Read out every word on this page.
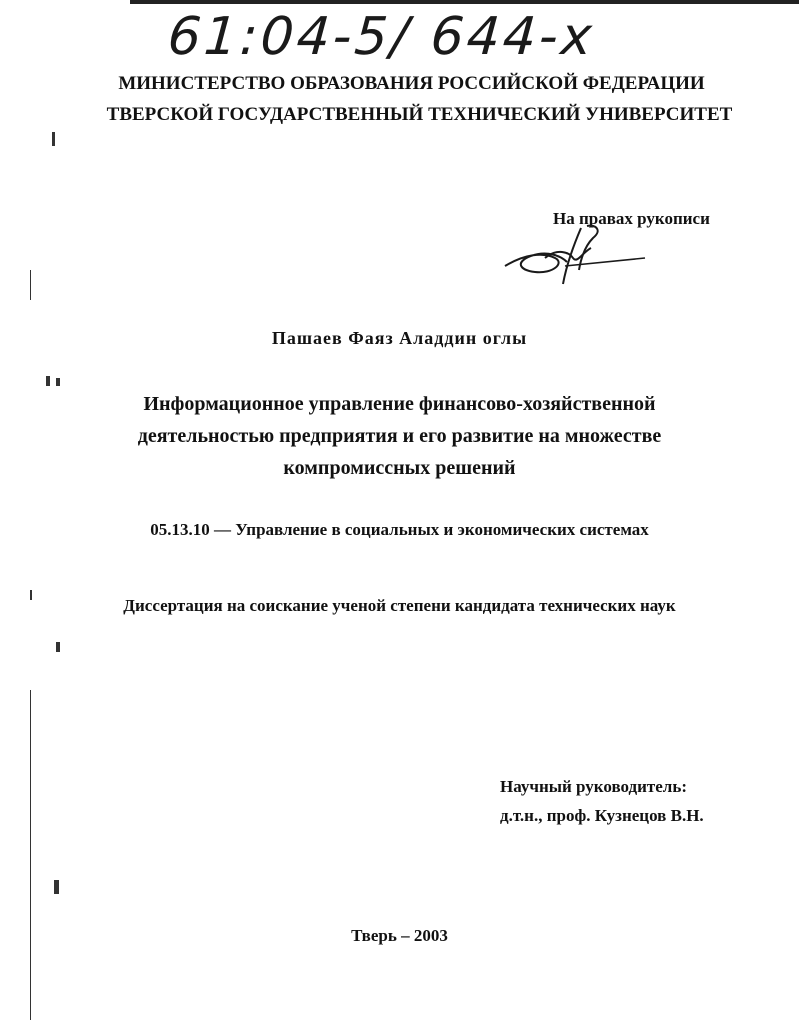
61:04-5/ 644-x
МИНИСТЕРСТВО ОБРАЗОВАНИЯ РОССИЙСКОЙ ФЕДЕРАЦИИ
ТВЕРСКОЙ ГОСУДАРСТВЕННЫЙ ТЕХНИЧЕСКИЙ УНИВЕРСИТЕТ
На правах рукописи
Пашаев Фаяз Аладдин оглы
Информационное управление финансово-хозяйственной
деятельностью предприятия и его развитие на множестве
компромиссных решений
05.13.10 — Управление в социальных и экономических системах
Диссертация на соискание ученой степени кандидата технических наук
Научный руководитель:
д.т.н., проф. Кузнецов В.Н.
Тверь – 2003
